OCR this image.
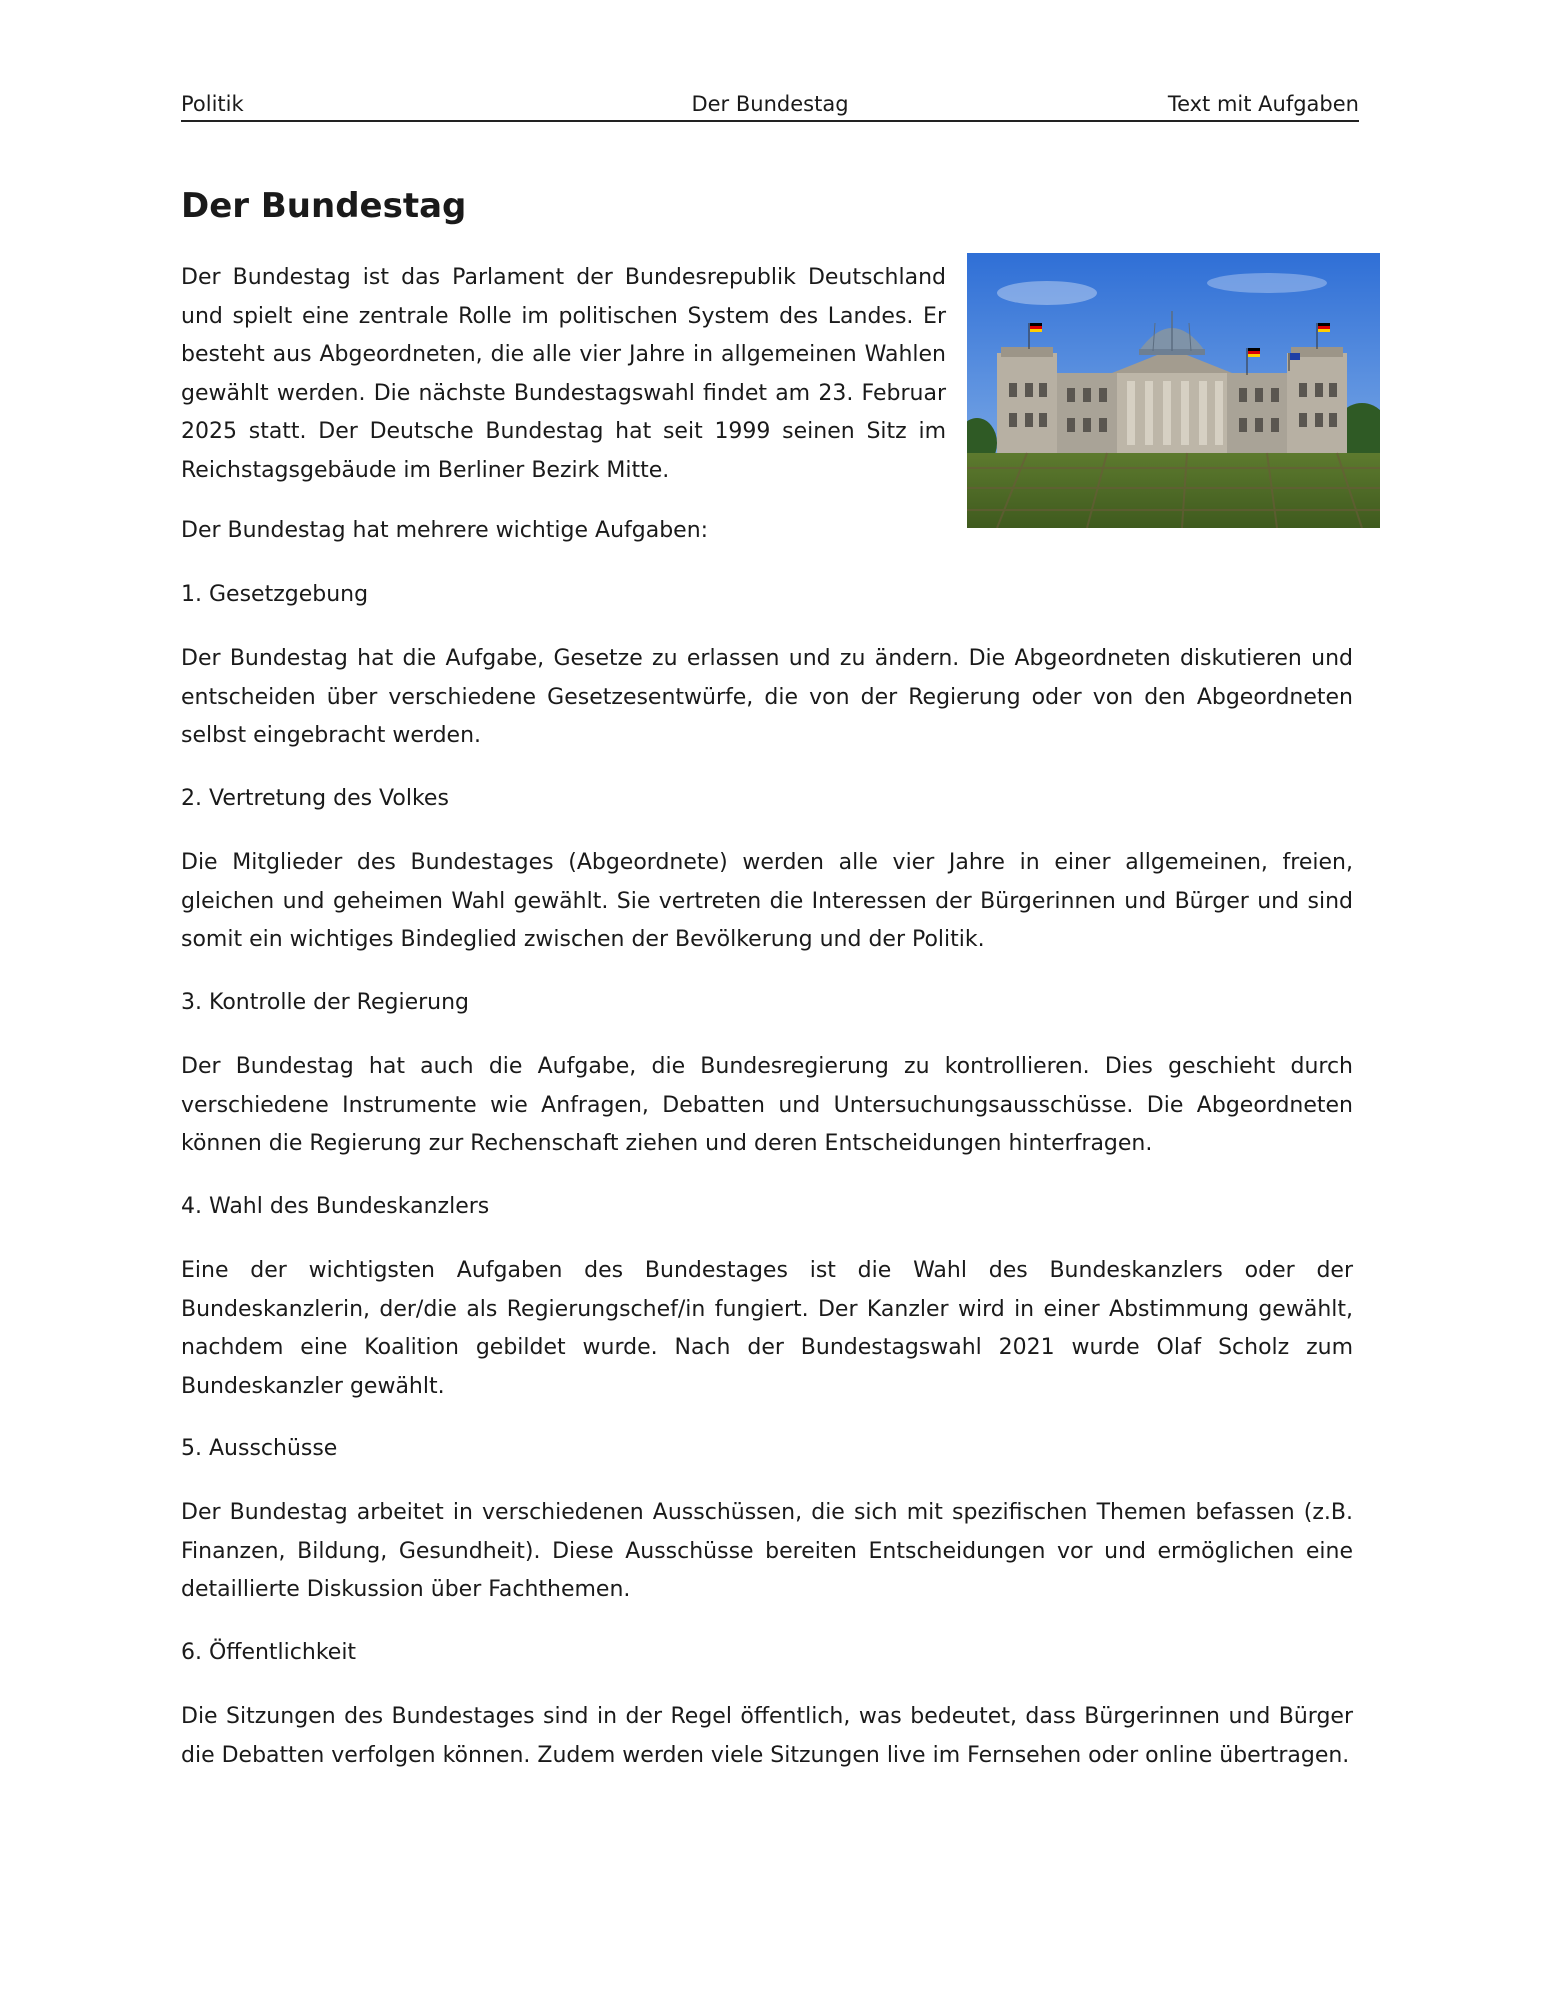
Politik	Der Bundestag	Text mit Aufgaben
Der Bundestag

Der Bundestag ist das Parlament der Bundesrepublik Deutschland und spielt eine zentrale Rolle im politischen System des Landes. Er besteht aus Abgeordneten, die alle vier Jahre in allgemeinen Wahlen gewählt werden. Die nächste Bundestagswahl findet am 23. Februar 2025 statt. Der Deutsche Bundestag hat seit 1999 seinen Sitz im Reichstagsgebäude im Berliner Bezirk Mitte.

Der Bundestag hat mehrere wichtige Aufgaben:

1. Gesetzgebung

Der Bundestag hat die Aufgabe, Gesetze zu erlassen und zu ändern. Die Abgeordneten diskutieren und entscheiden über verschiedene Gesetzesentwürfe, die von der Regierung oder von den Abgeordneten selbst eingebracht werden.

2. Vertretung des Volkes

Die Mitglieder des Bundestages (Abgeordnete) werden alle vier Jahre in einer allgemeinen, freien, gleichen und geheimen Wahl gewählt. Sie vertreten die Interessen der Bürgerinnen und Bürger und sind somit ein wichtiges Bindeglied zwischen der Bevölkerung und der Politik.

3. Kontrolle der Regierung

Der Bundestag hat auch die Aufgabe, die Bundesregierung zu kontrollieren. Dies geschieht durch verschiedene Instrumente wie Anfragen, Debatten und Untersuchungsausschüsse. Die Abgeordneten können die Regierung zur Rechenschaft ziehen und deren Entscheidungen hinterfragen.

4. Wahl des Bundeskanzlers

Eine der wichtigsten Aufgaben des Bundestages ist die Wahl des Bundeskanzlers oder der Bundeskanzlerin, der/die als Regierungschef/in fungiert. Der Kanzler wird in einer Abstimmung gewählt, nachdem eine Koalition gebildet wurde. Nach der Bundestagswahl 2021 wurde Olaf Scholz zum Bundeskanzler gewählt.

5. Ausschüsse

Der Bundestag arbeitet in verschiedenen Ausschüssen, die sich mit spezifischen Themen befassen (z.B. Finanzen, Bildung, Gesundheit). Diese Ausschüsse bereiten Entscheidungen vor und ermöglichen eine detaillierte Diskussion über Fachthemen.

6. Öffentlichkeit

Die Sitzungen des Bundestages sind in der Regel öffentlich, was bedeutet, dass Bürgerinnen und Bürger die Debatten verfolgen können. Zudem werden viele Sitzungen live im Fernsehen oder online übertragen.
